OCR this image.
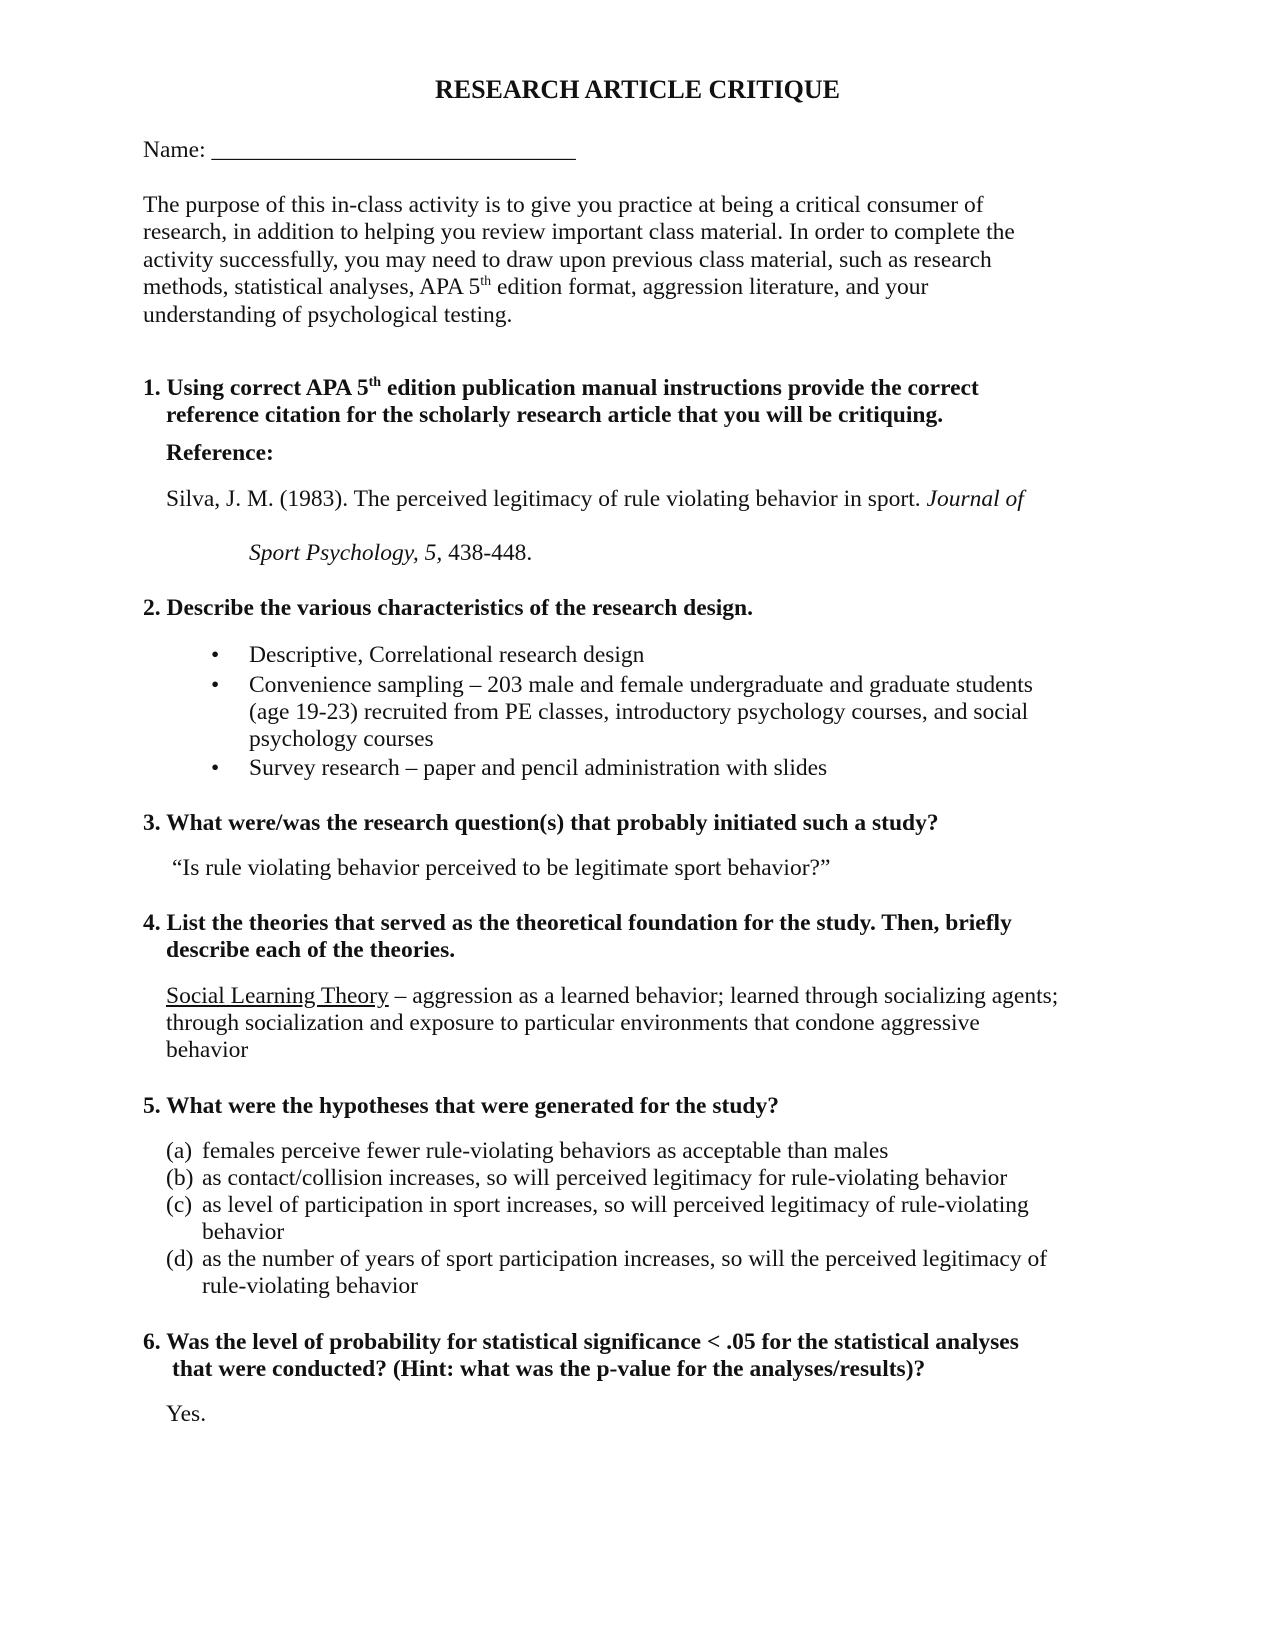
RESEARCH ARTICLE CRITIQUE
Name: _______________________________
The purpose of this in-class activity is to give you practice at being a critical consumer of
research, in addition to helping you review important class material. In order to complete the
activity successfully, you may need to draw upon previous class material, such as research
methods, statistical analyses, APA 5th edition format, aggression literature, and your
understanding of psychological testing.
1. Using correct APA 5th edition publication manual instructions provide the correct
reference citation for the scholarly research article that you will be critiquing.
Reference:
Silva, J. M. (1983). The perceived legitimacy of rule violating behavior in sport. Journal of
Sport Psychology, 5, 438-448.
2. Describe the various characteristics of the research design.
• Descriptive, Correlational research design
• Convenience sampling – 203 male and female undergraduate and graduate students
(age 19-23) recruited from PE classes, introductory psychology courses, and social
psychology courses
• Survey research – paper and pencil administration with slides
3. What were/was the research question(s) that probably initiated such a study?
“Is rule violating behavior perceived to be legitimate sport behavior?”
4. List the theories that served as the theoretical foundation for the study. Then, briefly
describe each of the theories.
Social Learning Theory – aggression as a learned behavior; learned through socializing agents;
through socialization and exposure to particular environments that condone aggressive
behavior
5. What were the hypotheses that were generated for the study?
(a) females perceive fewer rule-violating behaviors as acceptable than males
(b) as contact/collision increases, so will perceived legitimacy for rule-violating behavior
(c) as level of participation in sport increases, so will perceived legitimacy of rule-violating
behavior
(d) as the number of years of sport participation increases, so will the perceived legitimacy of
rule-violating behavior
6. Was the level of probability for statistical significance < .05 for the statistical analyses
that were conducted? (Hint: what was the p-value for the analyses/results)?
Yes.
